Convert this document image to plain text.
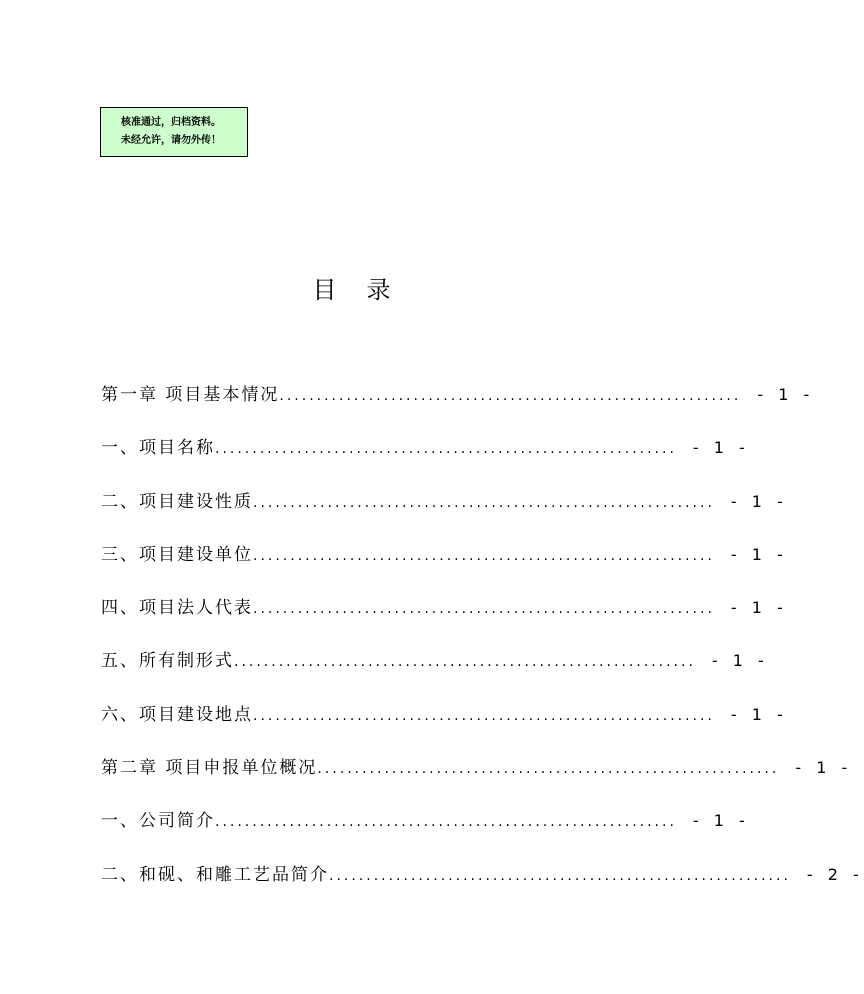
核准通过，归档资料。
未经允许，请勿外传！
目录
第一章 项目基本情况 .............................................................. - 1 -
一、项目名称 .............................................................. - 1 -
二、项目建设性质 .............................................................. - 1 -
三、项目建设单位 .............................................................. - 1 -
四、项目法人代表 .............................................................. - 1 -
五、所有制形式 .............................................................. - 1 -
六、项目建设地点 .............................................................. - 1 -
第二章 项目申报单位概况 .............................................................. - 1 -
一、公司简介 .............................................................. - 1 -
二、和砚、和雕工艺品简介 .............................................................. - 2 -
